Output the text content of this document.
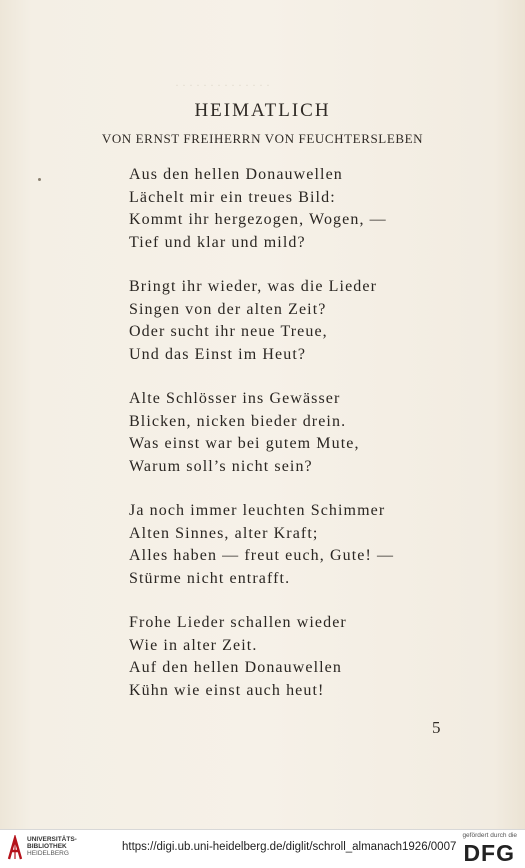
· · · · · · · · · · · · · ·
HEIMATLICH
VON ERNST FREIHERRN VON FEUCHTERSLEBEN
Aus den hellen Donauwellen
Lächelt mir ein treues Bild:
Kommt ihr hergezogen, Wogen, —
Tief und klar und mild?
Bringt ihr wieder, was die Lieder
Singen von der alten Zeit?
Oder sucht ihr neue Treue,
Und das Einst im Heut?
Alte Schlösser ins Gewässer
Blicken, nicken bieder drein.
Was einst war bei gutem Mute,
Warum soll’s nicht sein?
Ja noch immer leuchten Schimmer
Alten Sinnes, alter Kraft;
Alles haben — freut euch, Gute! —
Stürme nicht entrafft.
Frohe Lieder schallen wieder
Wie in alter Zeit.
Auf den hellen Donauwellen
Kühn wie einst auch heut!
5
UNIVERSITÄTS-
BIBLIOTHEK
HEIDELBERG
https://digi.ub.uni-heidelberg.de/diglit/schroll_almanach1926/0007
gefördert durch die
DFG
